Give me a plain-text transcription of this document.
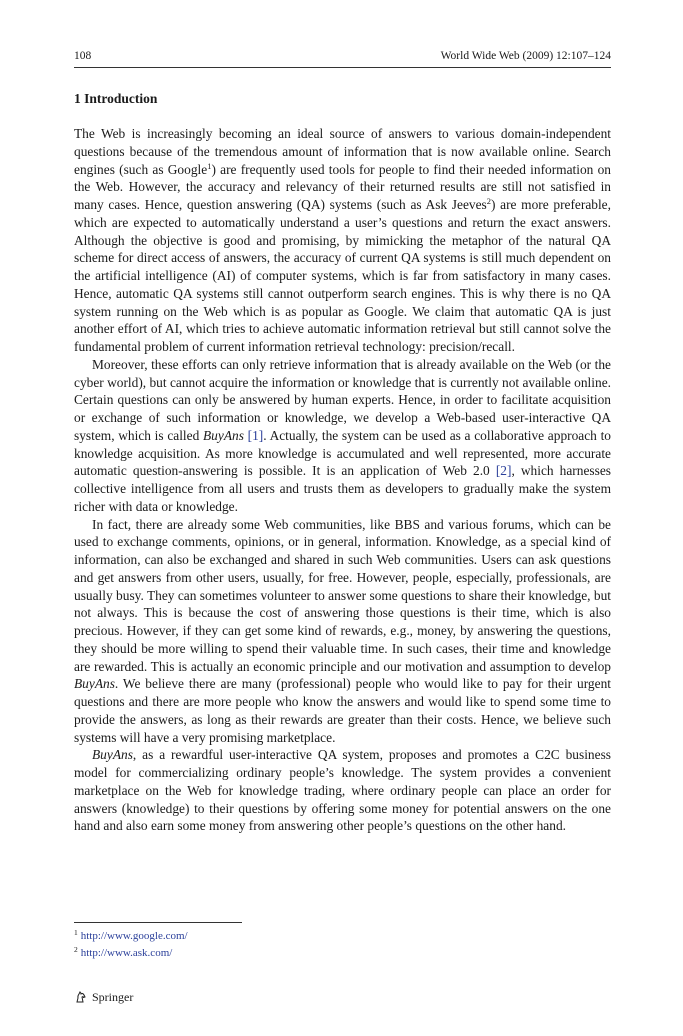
108	World Wide Web (2009) 12:107–124
1 Introduction

The Web is increasingly becoming an ideal source of answers to various domain-independent questions because of the tremendous amount of information that is now available online. Search engines (such as Google$^1$) are frequently used tools for people to find their needed information on the Web. However, the accuracy and relevancy of their returned results are still not satisfied in many cases. Hence, question answering (QA) systems (such as Ask Jeeves$^2$) are more preferable, which are expected to automatically understand a user’s questions and return the exact answers. Although the objective is good and promising, by mimicking the metaphor of the natural QA scheme for direct access of answers, the accuracy of current QA systems is still much dependent on the artificial intelligence (AI) of computer systems, which is far from satisfactory in many cases. Hence, automatic QA systems still cannot outperform search engines. This is why there is no QA system running on the Web which is as popular as Google. We claim that automatic QA is just another effort of AI, which tries to achieve automatic information retrieval but still cannot solve the fundamental problem of current information retrieval technology: precision/recall.

Moreover, these efforts can only retrieve information that is already available on the Web (or the cyber world), but cannot acquire the information or knowledge that is currently not available online. Certain questions can only be answered by human experts. Hence, in order to facilitate acquisition or exchange of such information or knowledge, we develop a Web-based user-interactive QA system, which is called BuyAns [1]. Actually, the system can be used as a collaborative approach to knowledge acquisition. As more knowledge is accumulated and well represented, more accurate automatic question-answering is possible. It is an application of Web 2.0 [2], which harnesses collective intelligence from all users and trusts them as developers to gradually make the system richer with data or knowledge.

In fact, there are already some Web communities, like BBS and various forums, which can be used to exchange comments, opinions, or in general, information. Knowledge, as a special kind of information, can also be exchanged and shared in such Web communities. Users can ask questions and get answers from other users, usually, for free. However, people, especially, professionals, are usually busy. They can sometimes volunteer to answer some questions to share their knowledge, but not always. This is because the cost of answering those questions is their time, which is also precious. However, if they can get some kind of rewards, e.g., money, by answering the questions, they should be more willing to spend their valuable time. In such cases, their time and knowledge are rewarded. This is actually an economic principle and our motivation and assumption to develop BuyAns. We believe there are many (professional) people who would like to pay for their urgent questions and there are more people who know the answers and would like to spend some time to provide the answers, as long as their rewards are greater than their costs. Hence, we believe such systems will have a very promising marketplace.

BuyAns, as a rewardful user-interactive QA system, proposes and promotes a C2C business model for commercializing ordinary people’s knowledge. The system provides a convenient marketplace on the Web for knowledge trading, where ordinary people can place an order for answers (knowledge) to their questions by offering some money for potential answers on the one hand and also earn some money from answering other people’s questions on the other hand.

$^1$ http://www.google.com/
$^2$ http://www.ask.com/
Springer
